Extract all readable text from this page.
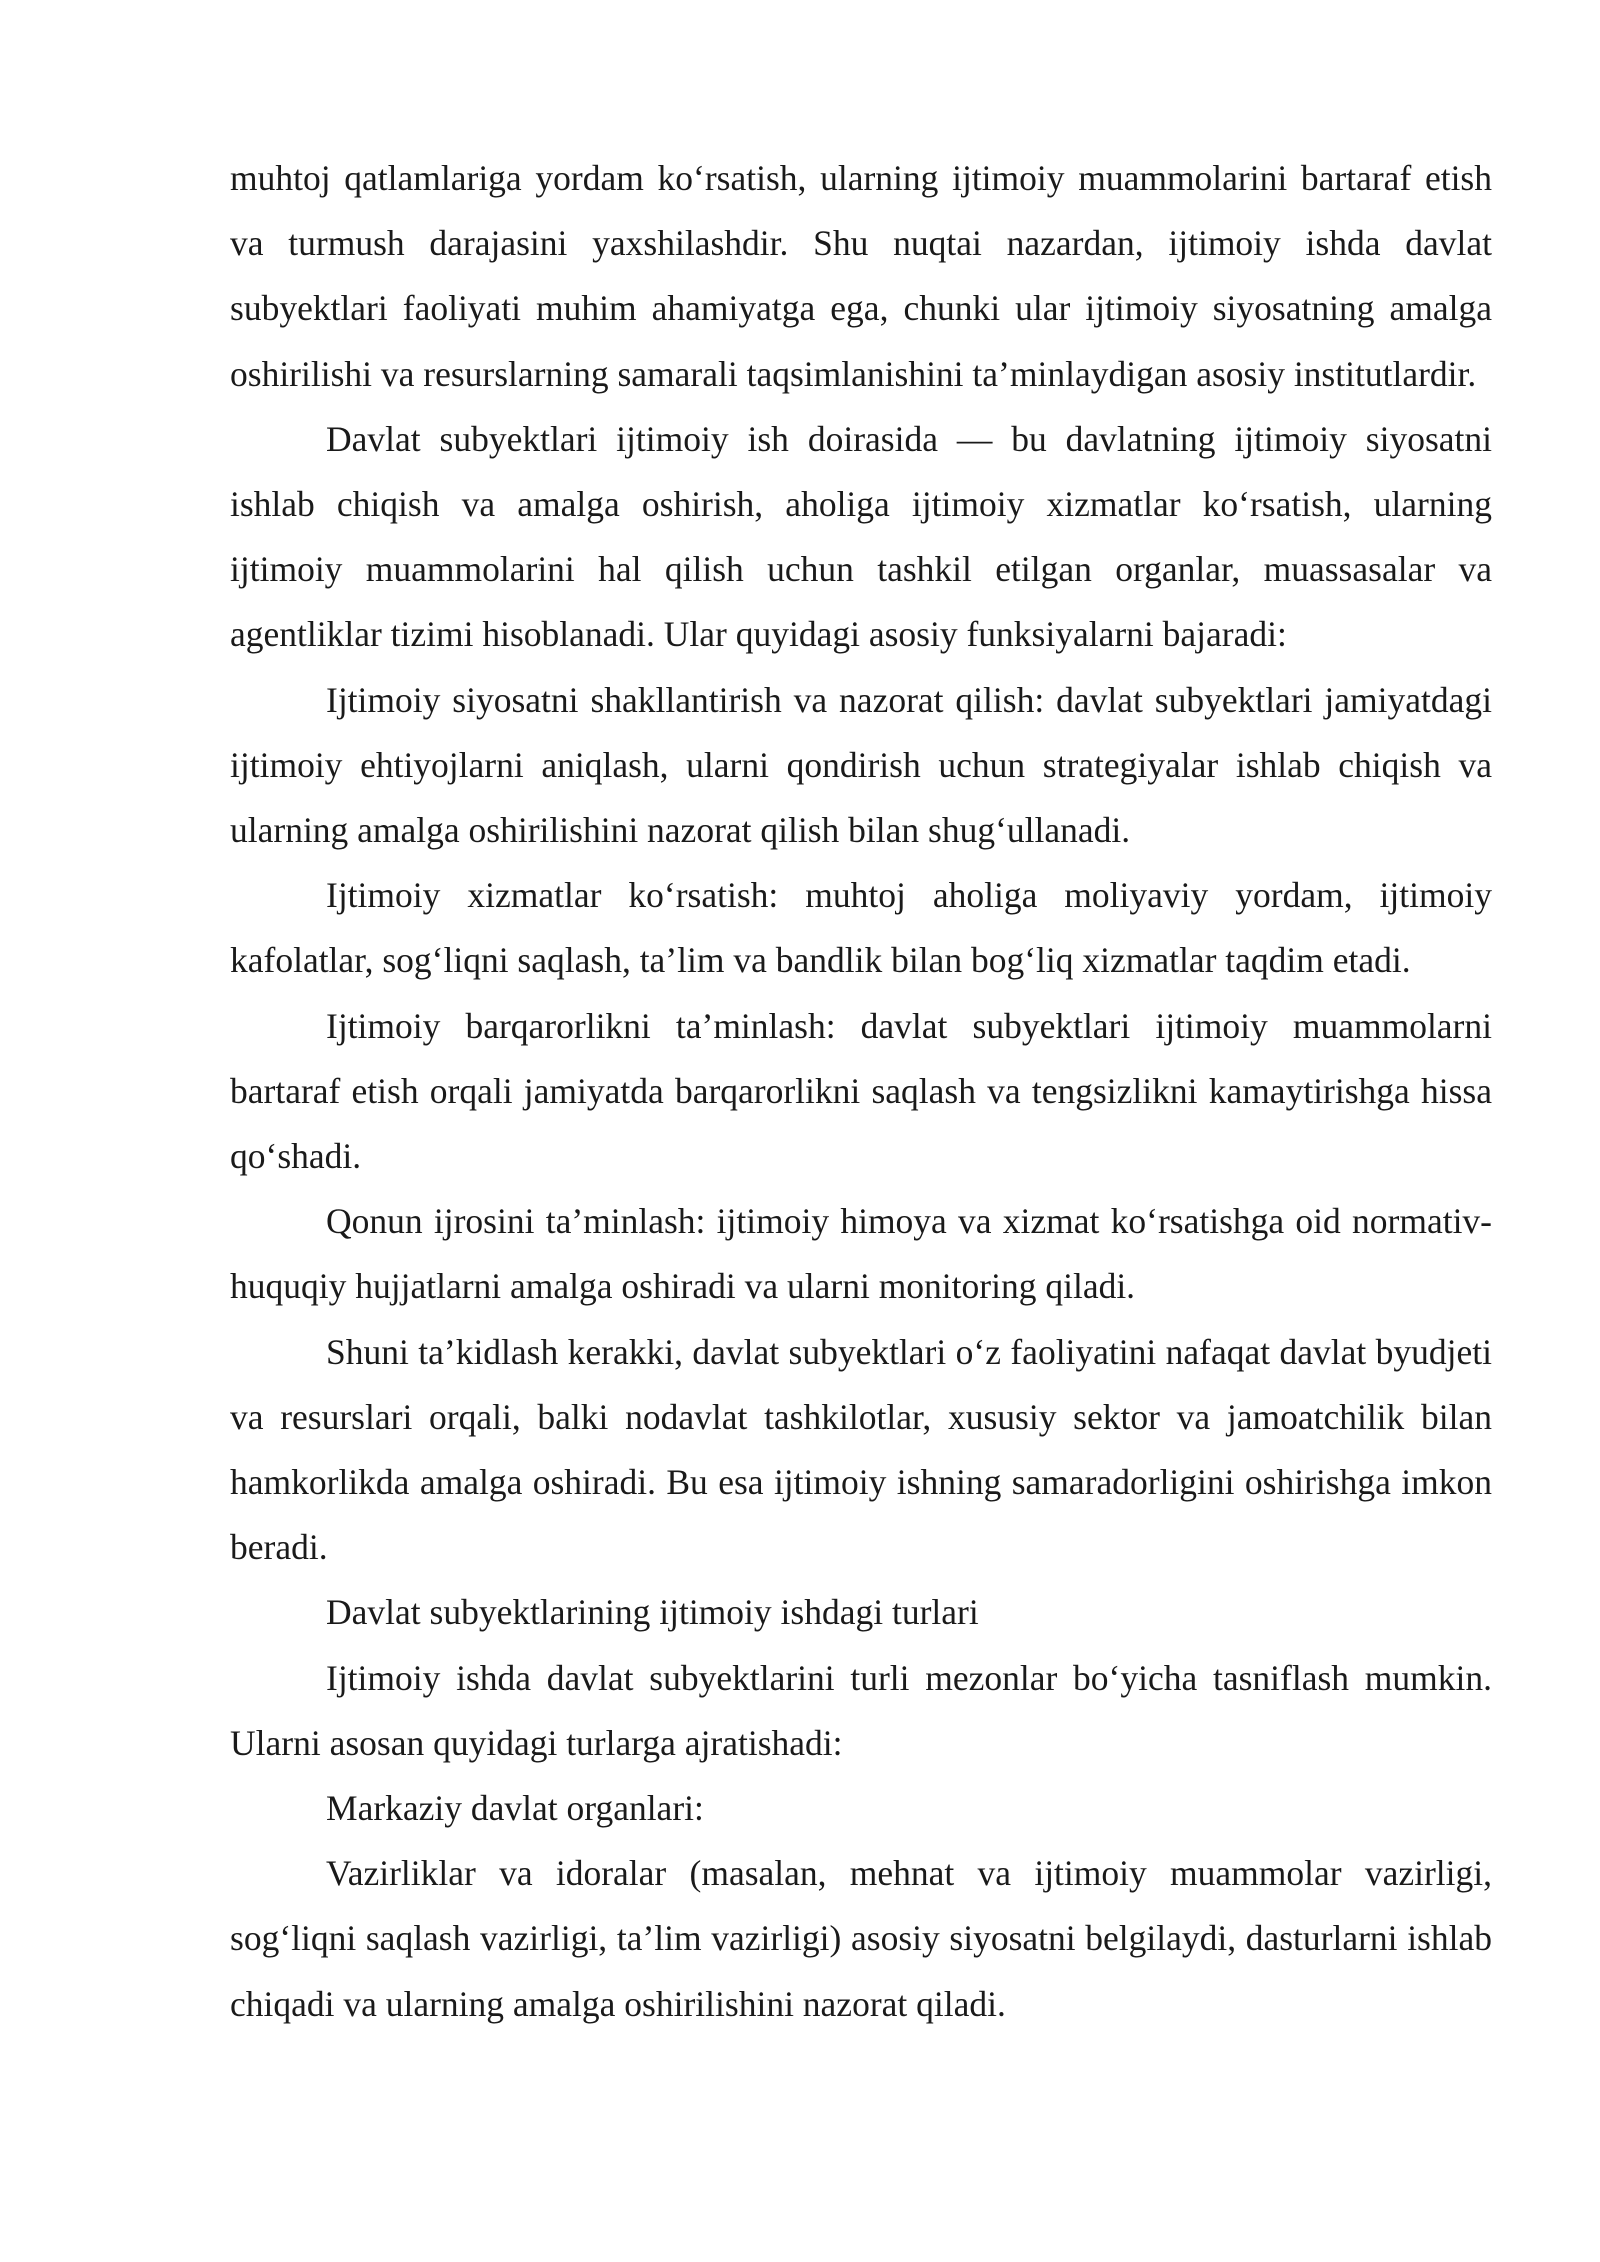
muhtoj qatlamlariga yordam ko‘rsatish, ularning ijtimoiy muammolarini bartaraf etish va turmush darajasini yaxshilashdir. Shu nuqtai nazardan, ijtimoiy ishda davlat subyektlari faoliyati muhim ahamiyatga ega, chunki ular ijtimoiy siyosatning amalga oshirilishi va resurslarning samarali taqsimlanishini ta’minlaydigan asosiy institutlardir.

Davlat subyektlari ijtimoiy ish doirasida — bu davlatning ijtimoiy siyosatni ishlab chiqish va amalga oshirish, aholiga ijtimoiy xizmatlar ko‘rsatish, ularning ijtimoiy muammolarini hal qilish uchun tashkil etilgan organlar, muassasalar va agentliklar tizimi hisoblanadi. Ular quyidagi asosiy funksiyalarni bajaradi:

Ijtimoiy siyosatni shakllantirish va nazorat qilish: davlat subyektlari jamiyatdagi ijtimoiy ehtiyojlarni aniqlash, ularni qondirish uchun strategiyalar ishlab chiqish va ularning amalga oshirilishini nazorat qilish bilan shug‘ullanadi.

Ijtimoiy xizmatlar ko‘rsatish: muhtoj aholiga moliyaviy yordam, ijtimoiy kafolatlar, sog‘liqni saqlash, ta’lim va bandlik bilan bog‘liq xizmatlar taqdim etadi.

Ijtimoiy barqarorlikni ta’minlash: davlat subyektlari ijtimoiy muammolarni bartaraf etish orqali jamiyatda barqarorlikni saqlash va tengsizlikni kamaytirishga hissa qo‘shadi.

Qonun ijrosini ta’minlash: ijtimoiy himoya va xizmat ko‘rsatishga oid normativ-huquqiy hujjatlarni amalga oshiradi va ularni monitoring qiladi.

Shuni ta’kidlash kerakki, davlat subyektlari o‘z faoliyatini nafaqat davlat byudjeti va resurslari orqali, balki nodavlat tashkilotlar, xususiy sektor va jamoatchilik bilan hamkorlikda amalga oshiradi. Bu esa ijtimoiy ishning samaradorligini oshirishga imkon beradi.

Davlat subyektlarining ijtimoiy ishdagi turlari

Ijtimoiy ishda davlat subyektlarini turli mezonlar bo‘yicha tasniflash mumkin. Ularni asosan quyidagi turlarga ajratishadi:

Markaziy davlat organlari:

Vazirliklar va idoralar (masalan, mehnat va ijtimoiy muammolar vazirligi, sog‘liqni saqlash vazirligi, ta’lim vazirligi) asosiy siyosatni belgilaydi, dasturlarni ishlab chiqadi va ularning amalga oshirilishini nazorat qiladi.
